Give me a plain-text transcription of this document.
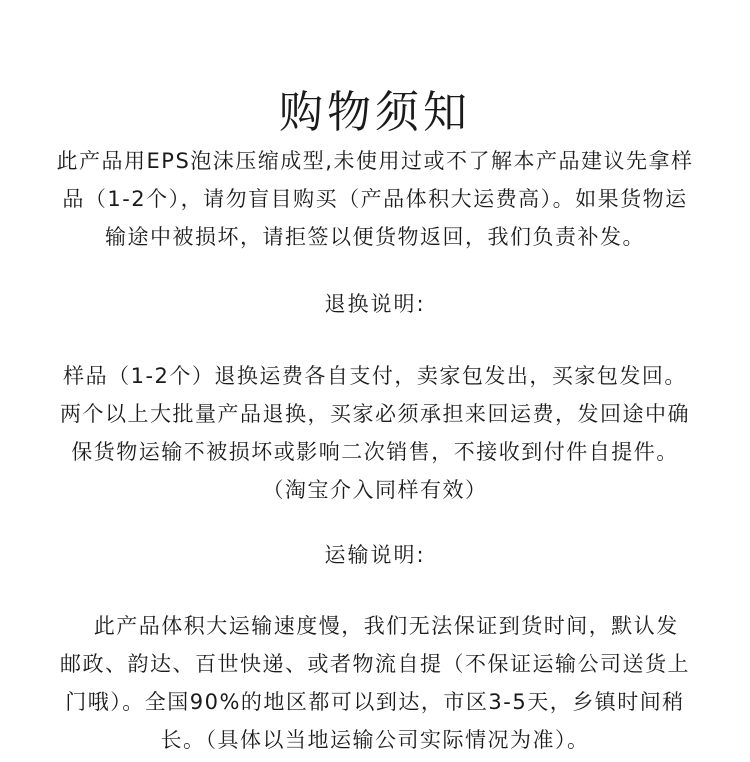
购物须知
此产品用EPS泡沫压缩成型,未使用过或不了解本产品建议先拿样
品（1-2个），请勿盲目购买（产品体积大运费高）。如果货物运
输途中被损坏，请拒签以便货物返回，我们负责补发。
退换说明:
样品（1-2个）退换运费各自支付，卖家包发出，买家包发回。
两个以上大批量产品退换，买家必须承担来回运费，发回途中确
保货物运输不被损坏或影响二次销售，不接收到付件自提件。
（淘宝介入同样有效）
运输说明:
　此产品体积大运输速度慢，我们无法保证到货时间，默认发
邮政、韵达、百世快递、或者物流自提（不保证运输公司送货上
门哦）。全国90%的地区都可以到达，市区3-5天，乡镇时间稍
长。（具体以当地运输公司实际情况为准）。
